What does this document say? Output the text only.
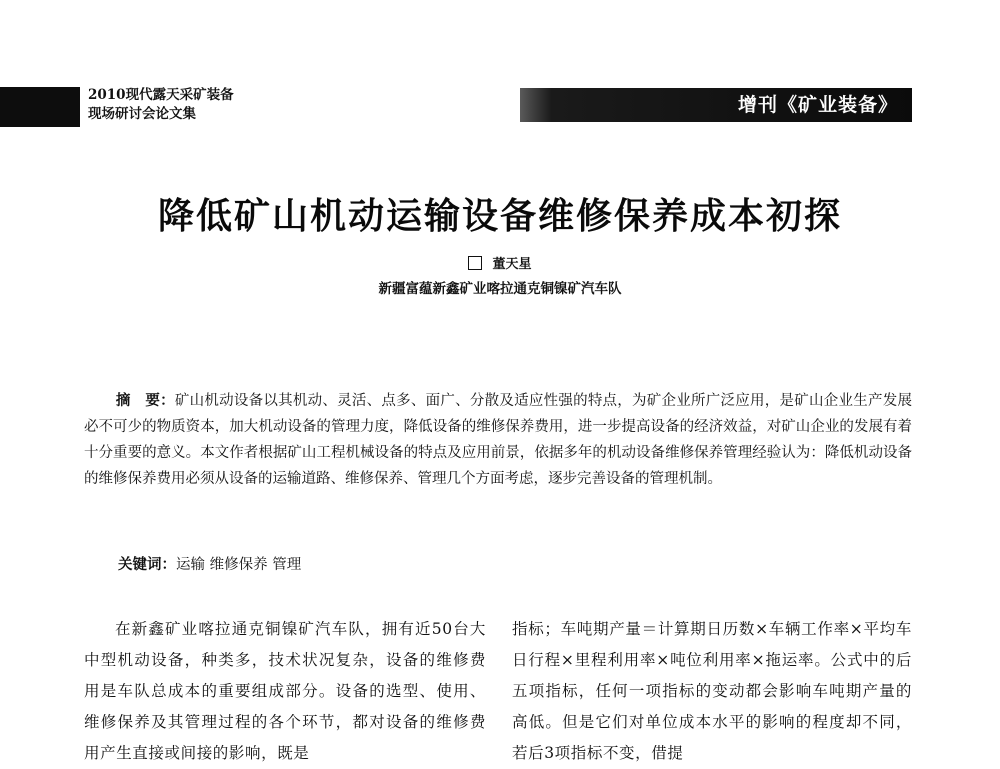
2010现代露天采矿装备
现场研讨会论文集	增刊《矿业装备》
降低矿山机动运输设备维修保养成本初探
董天星
新疆富蕴新鑫矿业喀拉通克铜镍矿汽车队
摘　要：矿山机动设备以其机动、灵活、点多、面广、分散及适应性强的特点，为矿企业所广泛应用，是矿山企业生产发展必不可少的物质资本，加大机动设备的管理力度，降低设备的维修保养费用，进一步提高设备的经济效益，对矿山企业的发展有着十分重要的意义。本文作者根据矿山工程机械设备的特点及应用前景，依据多年的机动设备维修保养管理经验认为：降低机动设备的维修保养费用必须从设备的运输道路、维修保养、管理几个方面考虑，逐步完善设备的管理机制。
关键词：运输 维修保养 管理
在新鑫矿业喀拉通克铜镍矿汽车队，拥有近50台大中型机动设备，种类多，技术状况复杂，设备的维修费用是车队总成本的重要组成部分。设备的选型、使用、维修保养及其管理过程的各个环节，都对设备的维修费用产生直接或间接的影响，既是
指标；车吨期产量＝计算期日历数×车辆工作率×平均车日行程×里程利用率×吨位利用率×拖运率。公式中的后五项指标，任何一项指标的变动都会影响车吨期产量的高低。但是它们对单位成本水平的影响的程度却不同，若后3项指标不变，借提
